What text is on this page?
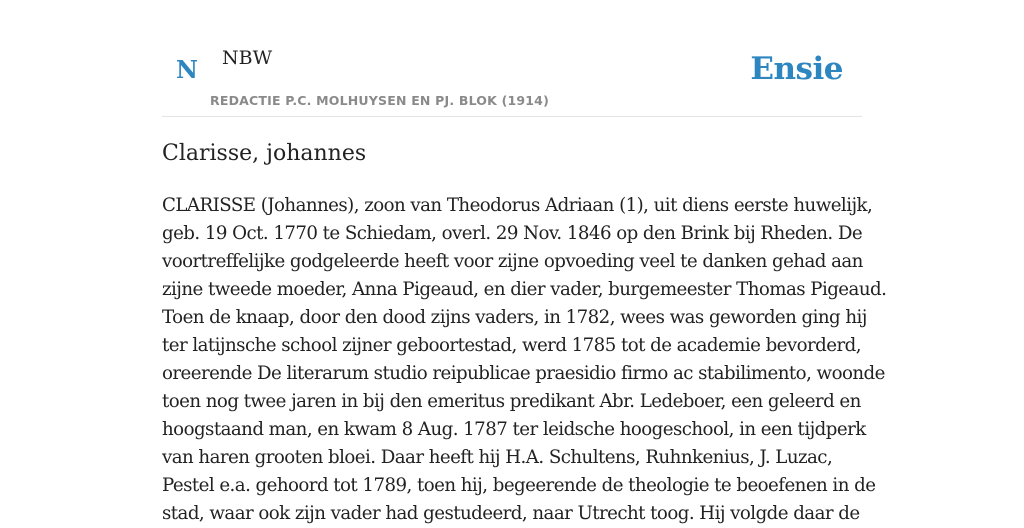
N NBW
REDACTIE P.C. MOLHUYSEN EN PJ. BLOK (1914)
Ensie
Clarisse, johannes
CLARISSE (Johannes), zoon van Theodorus Adriaan (1), uit diens eerste huwelijk,
geb. 19 Oct. 1770 te Schiedam, overl. 29 Nov. 1846 op den Brink bij Rheden. De
voortreffelijke godgeleerde heeft voor zijne opvoeding veel te danken gehad aan
zijne tweede moeder, Anna Pigeaud, en dier vader, burgemeester Thomas Pigeaud.
Toen de knaap, door den dood zijns vaders, in 1782, wees was geworden ging hij
ter latijnsche school zijner geboortestad, werd 1785 tot de academie bevorderd,
oreerende De literarum studio reipublicae praesidio firmo ac stabilimento, woonde
toen nog twee jaren in bij den emeritus predikant Abr. Ledeboer, een geleerd en
hoogstaand man, en kwam 8 Aug. 1787 ter leidsche hoogeschool, in een tijdperk
van haren grooten bloei. Daar heeft hij H.A. Schultens, Ruhnkenius, J. Luzac,
Pestel e.a. gehoord tot 1789, toen hij, begeerende de theologie te beoefenen in de
stad, waar ook zijn vader had gestudeerd, naar Utrecht toog. Hij volgde daar de
